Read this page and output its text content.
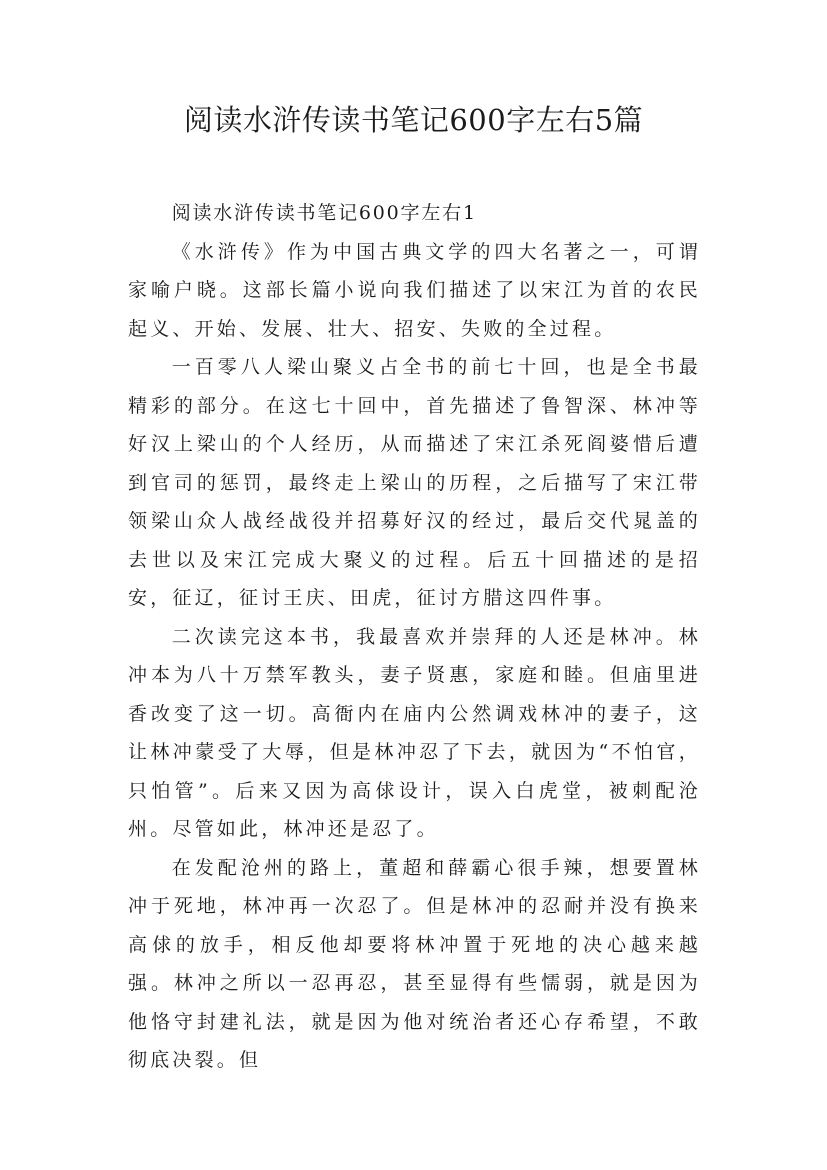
阅读水浒传读书笔记600字左右5篇

阅读水浒传读书笔记600字左右1

《水浒传》作为中国古典文学的四大名著之一，可谓家喻户晓。这部长篇小说向我们描述了以宋江为首的农民起义、开始、发展、壮大、招安、失败的全过程。

一百零八人梁山聚义占全书的前七十回，也是全书最精彩的部分。在这七十回中，首先描述了鲁智深、林冲等好汉上梁山的个人经历，从而描述了宋江杀死阎婆惜后遭到官司的惩罚，最终走上梁山的历程，之后描写了宋江带领梁山众人战经战役并招募好汉的经过，最后交代晁盖的去世以及宋江完成大聚义的过程。后五十回描述的是招安，征辽，征讨王庆、田虎，征讨方腊这四件事。

二次读完这本书，我最喜欢并崇拜的人还是林冲。林冲本为八十万禁军教头，妻子贤惠，家庭和睦。但庙里进香改变了这一切。高衙内在庙内公然调戏林冲的妻子，这让林冲蒙受了大辱，但是林冲忍了下去，就因为“不怕官，只怕管”。后来又因为高俅设计，误入白虎堂，被刺配沧州。尽管如此，林冲还是忍了。

在发配沧州的路上，董超和薛霸心很手辣，想要置林冲于死地，林冲再一次忍了。但是林冲的忍耐并没有换来高俅的放手，相反他却要将林冲置于死地的决心越来越强。林冲之所以一忍再忍，甚至显得有些懦弱，就是因为他恪守封建礼法，就是因为他对统治者还心存希望，不敢彻底决裂。但
